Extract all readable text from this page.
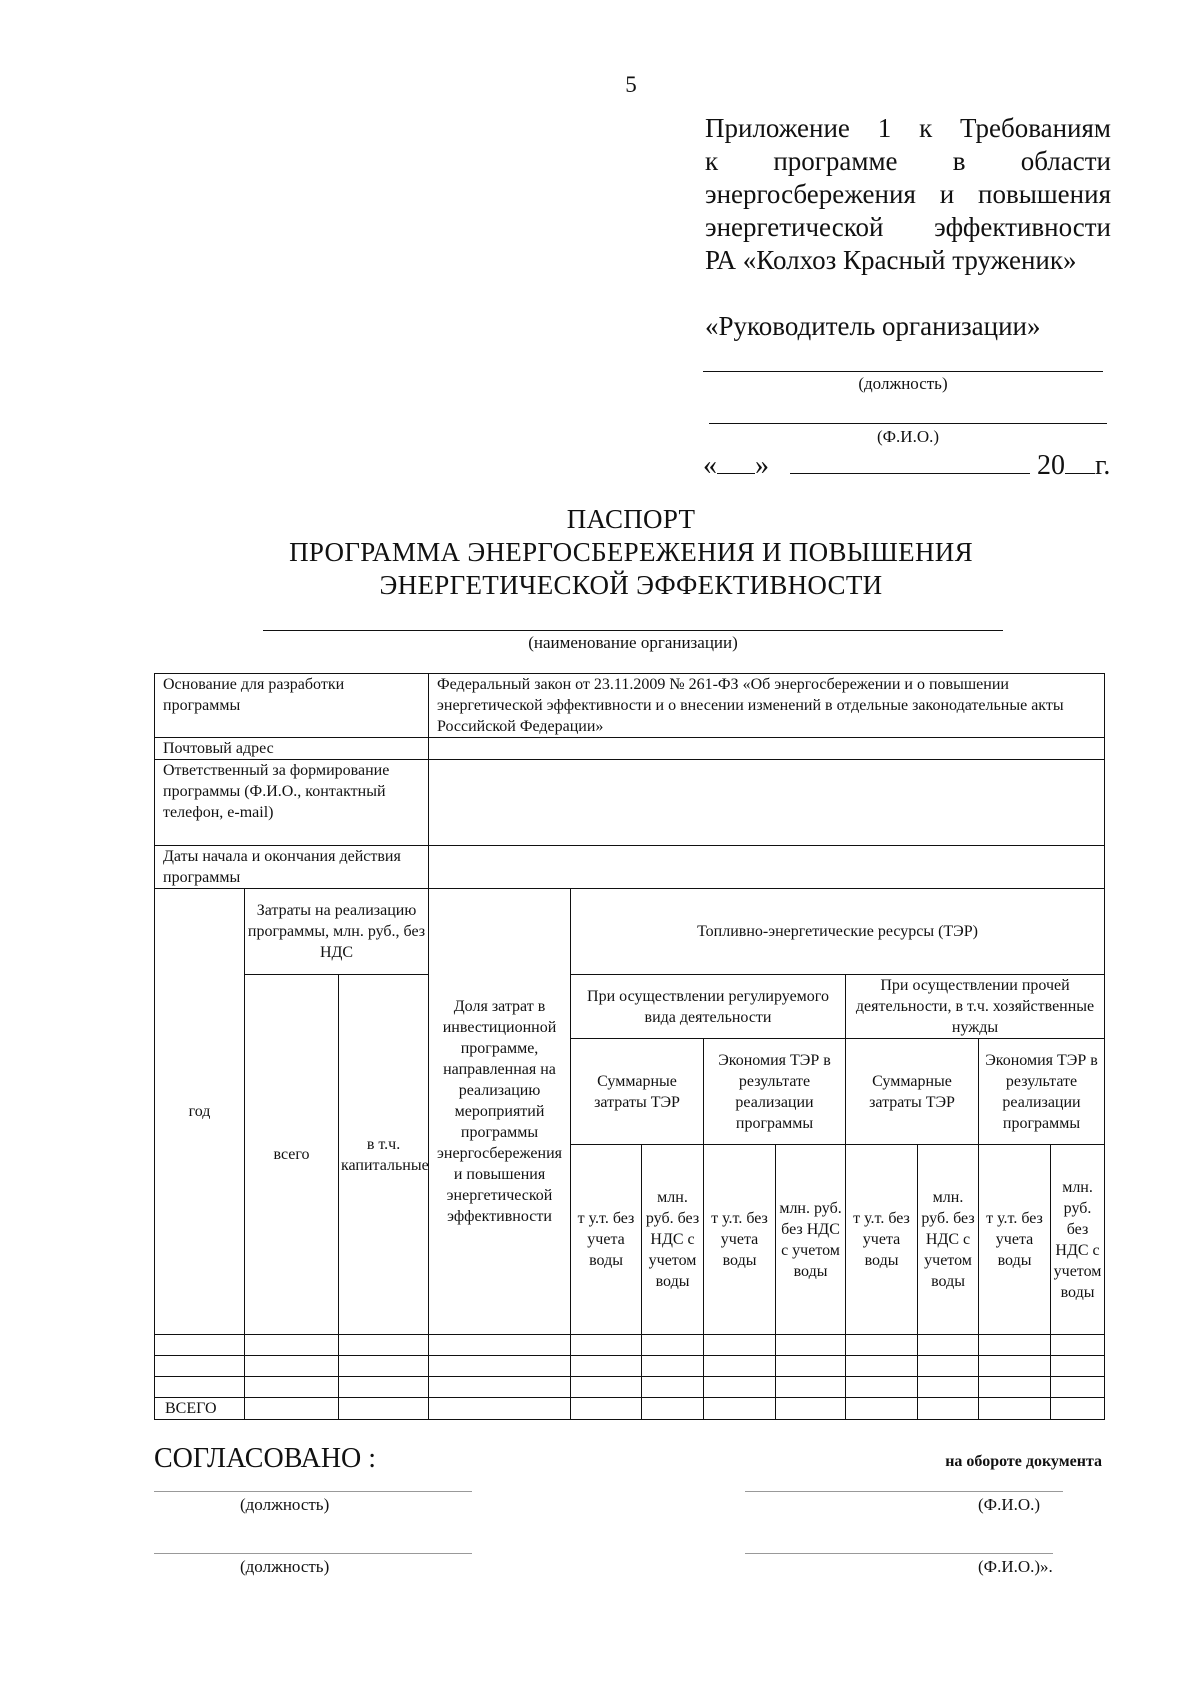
5
Приложение 1 к Требованиям
к программе в области
энергосбережения и повышения
энергетической эффективности
РА «Колхоз Красный труженик»
«Руководитель организации»
(должность)
(Ф.И.О.)
« »	20 г.
ПАСПОРТ
ПРОГРАММА ЭНЕРГОСБЕРЕЖЕНИЯ И ПОВЫШЕНИЯ
ЭНЕРГЕТИЧЕСКОЙ ЭФФЕКТИВНОСТИ
(наименование организации)
Основание для разработки программы			Федеральный закон от 23.11.2009 № 261-ФЗ «Об энергосбережении и о повышении энергетической эффективности и о внесении изменений в отдельные законодательные акты Российской Федерации»								
Почтовый адрес											
Ответственный за формирование программы (Ф.И.О., контактный телефон, e-mail)											
Даты начала и окончания действия программы											
год	Затраты на реализацию программы, млн. руб., без НДС		Доля затрат в инвестиционной программе, направленная на реализацию мероприятий программы энергосбережения и повышения энергетической эффективности	Топливно-энергетические ресурсы (ТЭР)							
	всего	в т.ч. капитальные		При осуществлении регулируемого вида деятельности				При осуществлении прочей деятельности, в т.ч. хозяйственные нужды			
				Суммарные затраты ТЭР		Экономия ТЭР в результате реализации программы		Суммарные затраты ТЭР		Экономия ТЭР в результате реализации программы	
				т у.т. без учета воды	млн. руб. без НДС с учетом воды	т у.т. без учета воды	млн. руб. без НДС с учетом воды	т у.т. без учета воды	млн. руб. без НДС с учетом воды	т у.т. без учета воды	млн. руб. без НДС с учетом воды

ВСЕГО											
СОГЛАСОВАНО :	на обороте документа
(должность)	(Ф.И.О.)
(должность)	(Ф.И.О.)».
